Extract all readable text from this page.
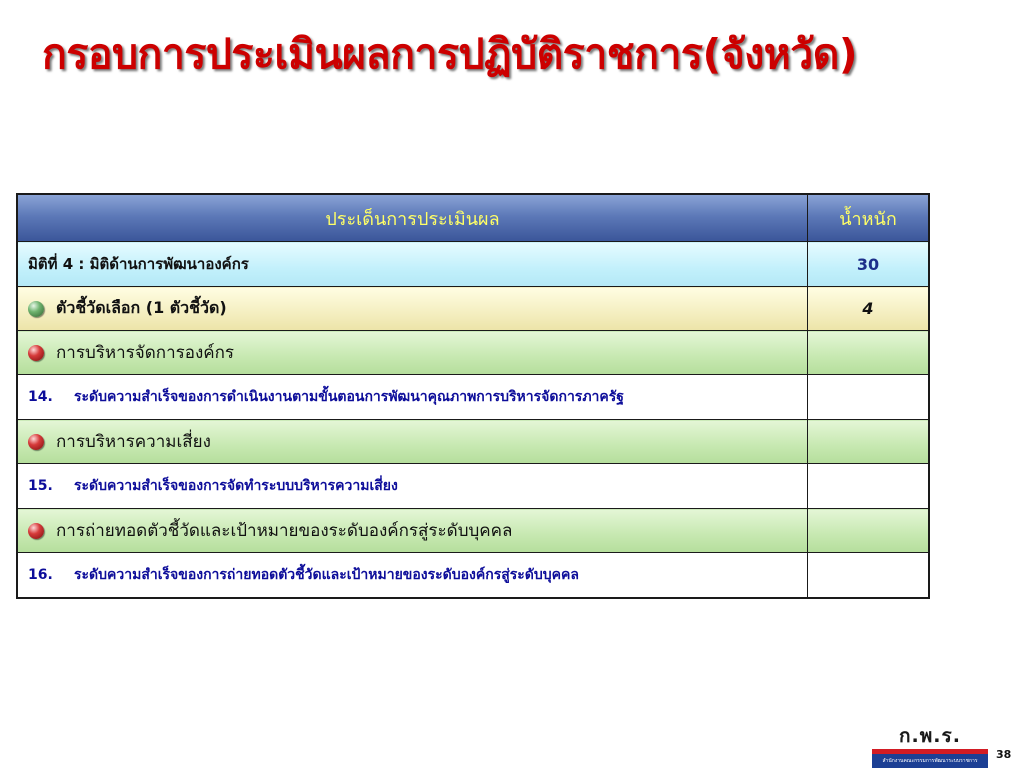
กรอบการประเมินผลการปฏิบัติราชการ(จังหวัด)
ประเด็นการประเมินผล	น้ำหนัก
มิติที่ 4 : มิติด้านการพัฒนาองค์กร	30
ตัวชี้วัดเลือก (1 ตัวชี้วัด)	4
การบริหารจัดการองค์กร	
14. ระดับความสำเร็จของการดำเนินงานตามขั้นตอนการพัฒนาคุณภาพการบริหารจัดการภาครัฐ	
การบริหารความเสี่ยง	
15. ระดับความสำเร็จของการจัดทำระบบบริหารความเสี่ยง	
การถ่ายทอดตัวชี้วัดและเป้าหมายของระดับองค์กรสู่ระดับบุคคล	
16. ระดับความสำเร็จของการถ่ายทอดตัวชี้วัดและเป้าหมายของระดับองค์กรสู่ระดับบุคคล	
ก.พ.ร.
สำนักงานคณะกรรมการพัฒนาระบบราชการ	38
